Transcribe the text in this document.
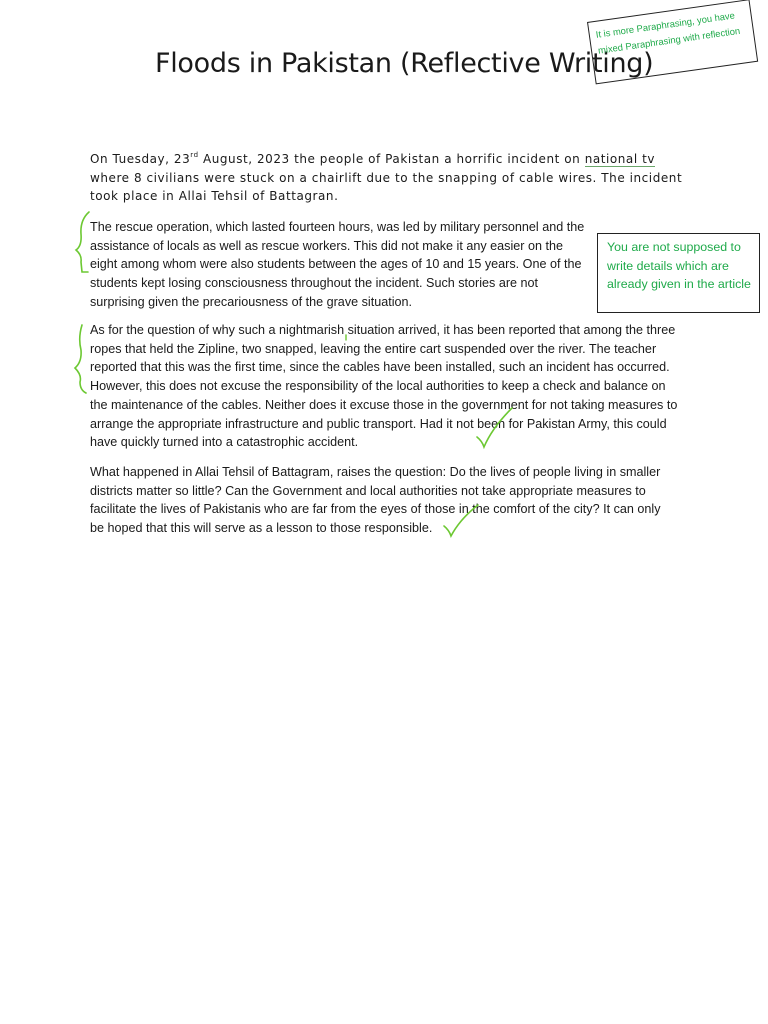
Floods in Pakistan (Reflective Writing)
It is more Paraphrasing, you have mixed Paraphrasing with reflection

On Tuesday, 23rd August, 2023 the people of Pakistan a horrific incident on national tv where 8 civilians were stuck on a chairlift due to the snapping of cable wires. The incident took place in Allai Tehsil of Battagran.

The rescue operation, which lasted fourteen hours, was led by military personnel and the assistance of locals as well as rescue workers. This did not make it any easier on the eight among whom were also students between the ages of 10 and 15 years. One of the students kept losing consciousness throughout the incident. Such stories are not surprising given the precariousness of the grave situation.

You are not supposed to write details which are already given in the article

As for the question of why such a nightmarish situation arrived, it has been reported that among the three ropes that held the Zipline, two snapped, leaving the entire cart suspended over the river. The teacher reported that this was the first time, since the cables have been installed, such an incident has occurred. However, this does not excuse the responsibility of the local authorities to keep a check and balance on the maintenance of the cables. Neither does it excuse those in the government for not taking measures to arrange the appropriate infrastructure and public transport. Had it not been for Pakistan Army, this could have quickly turned into a catastrophic accident.

What happened in Allai Tehsil of Battagram, raises the question: Do the lives of people living in smaller districts matter so little? Can the Government and local authorities not take appropriate measures to facilitate the lives of Pakistanis who are far from the eyes of those in the comfort of the city? It can only be hoped that this will serve as a lesson to those responsible.
